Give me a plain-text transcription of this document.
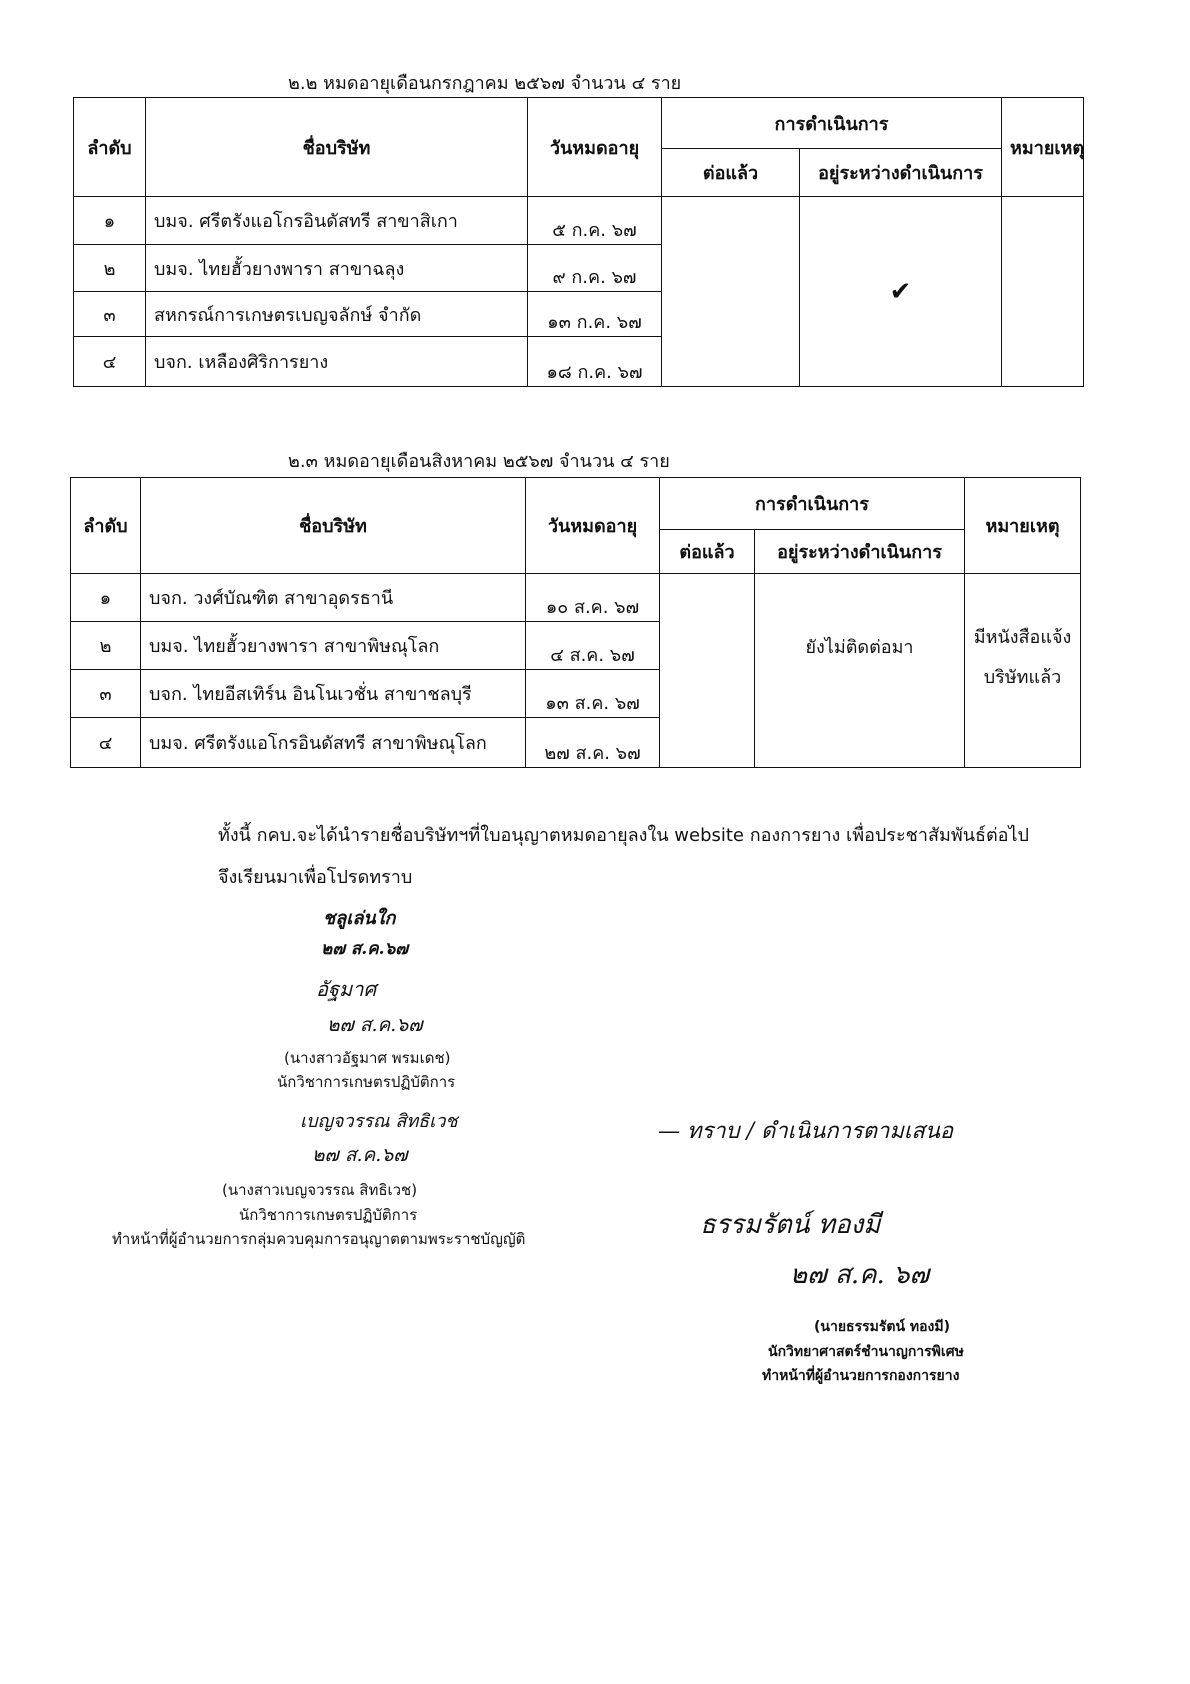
๒.๒ หมดอายุเดือนกรกฎาคม ๒๕๖๗ จำนวน ๔ ราย
ลำดับ	ชื่อบริษัท	วันหมดอายุ	การดำเนินการ		หมายเหตุ
			ต่อแล้ว	อยู่ระหว่างดำเนินการ	
๑	บมจ. ศรีตรังแอโกรอินดัสทรี สาขาสิเกา	๕ ก.ค. ๖๗		✔	
๒	บมจ. ไทยฮั้วยางพารา สาขาฉลุง	๙ ก.ค. ๖๗			
๓	สหกรณ์การเกษตรเบญจลักษ์ จำกัด	๑๓ ก.ค. ๖๗			
๔	บจก. เหลืองศิริการยาง	๑๘ ก.ค. ๖๗			
๒.๓ หมดอายุเดือนสิงหาคม ๒๕๖๗ จำนวน ๔ ราย
ลำดับ	ชื่อบริษัท	วันหมดอายุ	การดำเนินการ		หมายเหตุ
			ต่อแล้ว	อยู่ระหว่างดำเนินการ	
๑	บจก. วงศ์บัณฑิต สาขาอุดรธานี	๑๐ ส.ค. ๖๗		ยังไม่ติดต่อมา	มีหนังสือแจ้ง
บริษัทแล้ว

๒	บมจ. ไทยฮั้วยางพารา สาขาพิษณุโลก	๔ ส.ค. ๖๗			
๓	บจก. ไทยอีสเทิร์น อินโนเวชั่น สาขาชลบุรี	๑๓ ส.ค. ๖๗			
๔	บมจ. ศรีตรังแอโกรอินดัสทรี สาขาพิษณุโลก	๒๗ ส.ค. ๖๗			
ทั้งนี้ กคบ.จะได้นำรายชื่อบริษัทฯที่ใบอนุญาตหมดอายุลงใน website กองการยาง เพื่อประชาสัมพันธ์ต่อไป
จึงเรียนมาเพื่อโปรดทราบ
ชลูเล่นใก
๒๗ ส.ค.๖๗
อัฐมาศ
๒๗ ส.ค.๖๗
(นางสาวอัฐมาศ พรมเดช)
นักวิชาการเกษตรปฏิบัติการ
เบญจวรรณ สิทธิเวช
๒๗ ส.ค.๖๗
(นางสาวเบญจวรรณ สิทธิเวช)
นักวิชาการเกษตรปฏิบัติการ
ทำหน้าที่ผู้อำนวยการกลุ่มควบคุมการอนุญาตตามพระราชบัญญัติ
— ทราบ / ดำเนินการตามเสนอ
ธรรมรัตน์ ทองมี
๒๗ ส.ค. ๖๗
(นายธรรมรัตน์ ทองมี)
นักวิทยาศาสตร์ชำนาญการพิเศษ
ทำหน้าที่ผู้อำนวยการกองการยาง
